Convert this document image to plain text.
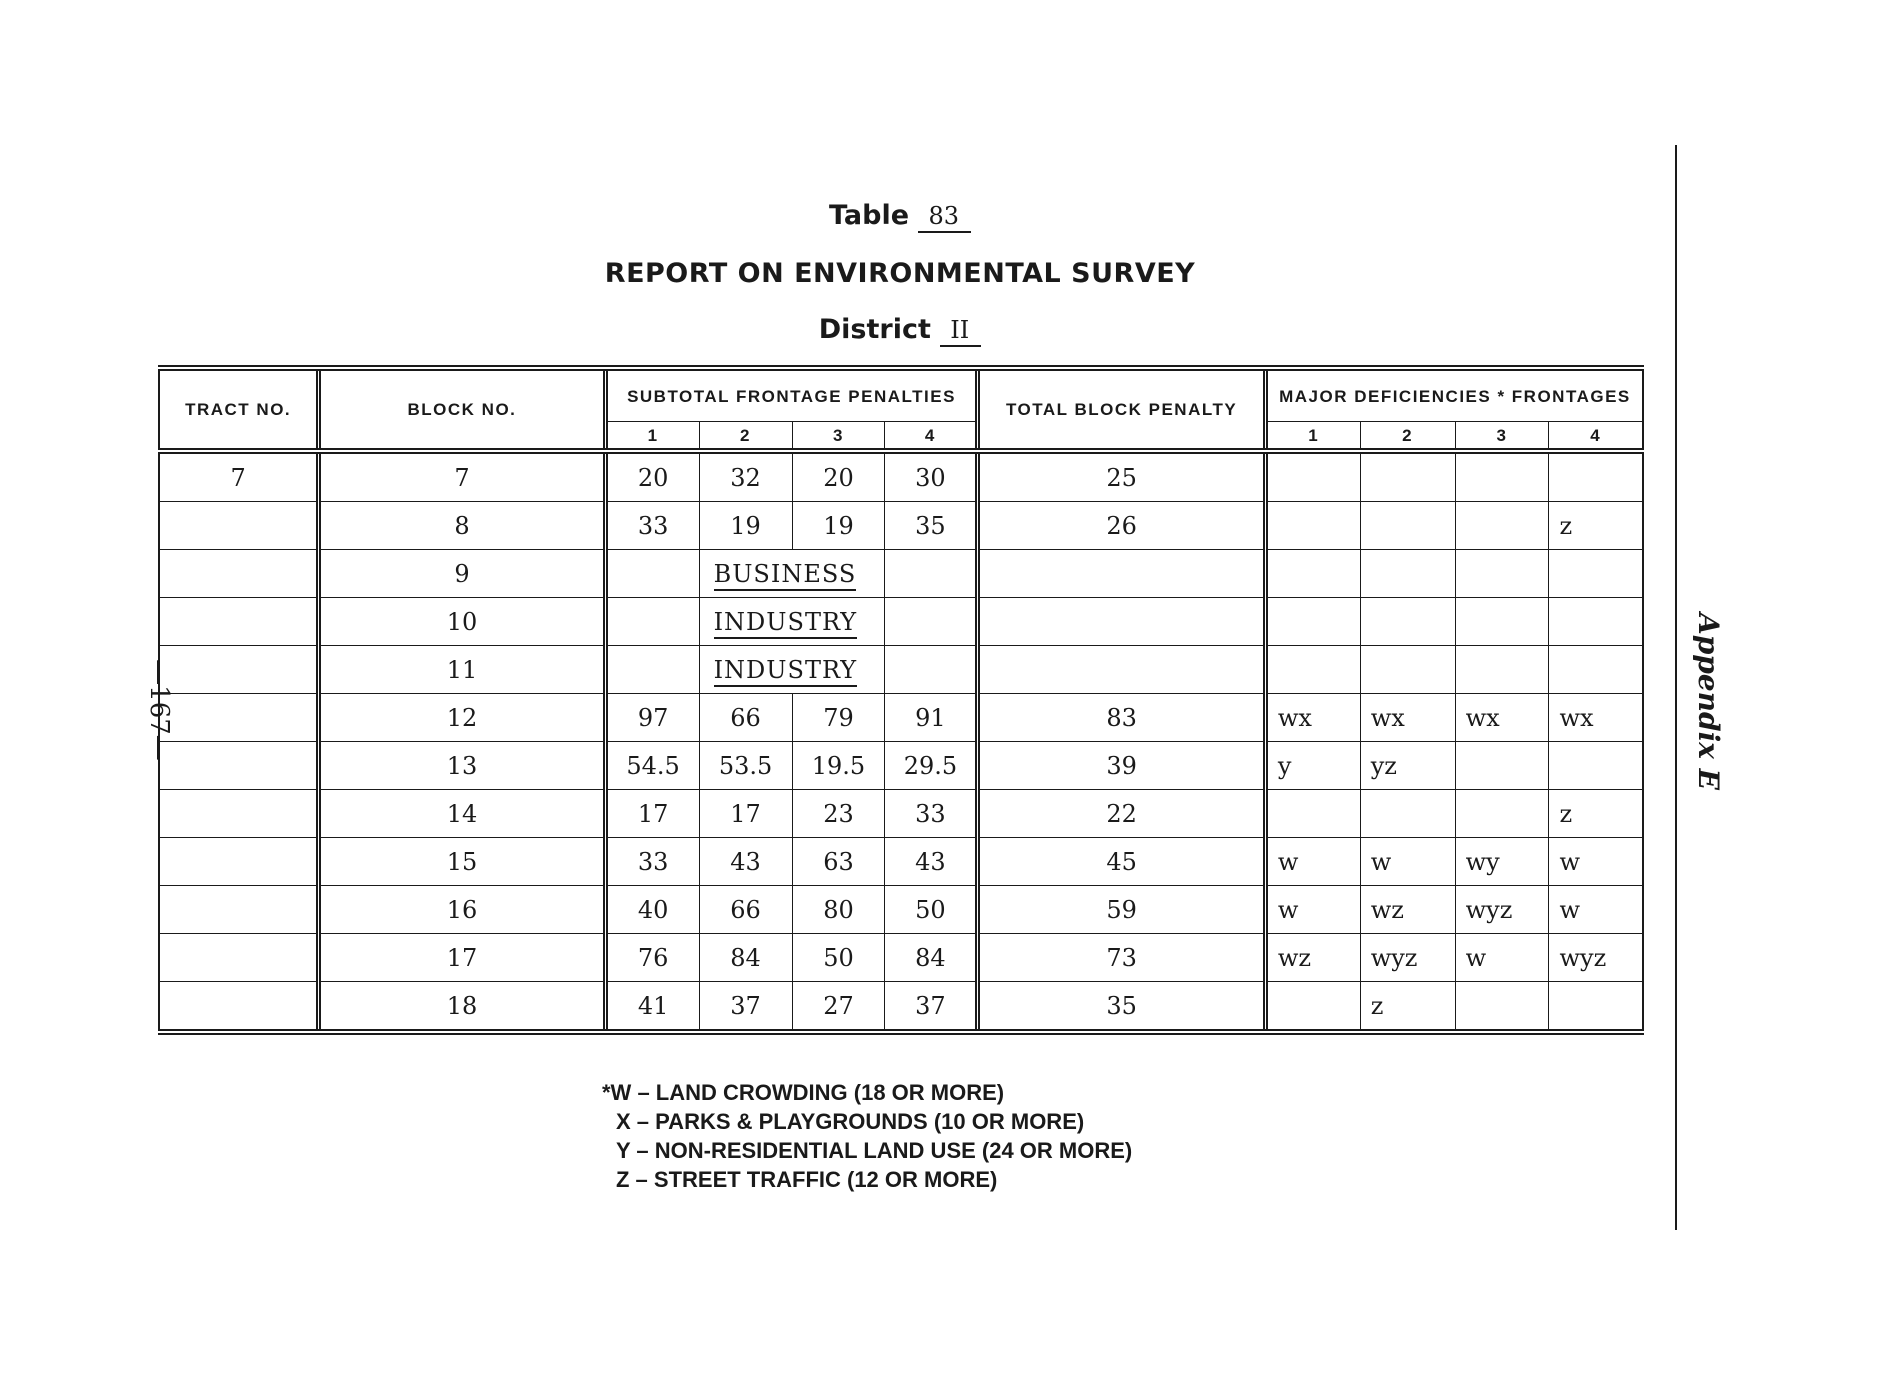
Table 83
REPORT ON ENVIRONMENTAL SURVEY
District II
—167—	Appendix E
TRACT NO.	BLOCK NO.	SUBTOTAL FRONTAGE PENALTIES				TOTAL BLOCK PENALTY	MAJOR DEFICIENCIES * FRONTAGES			
		1	2	3	4		1	2	3	4
7	7	20	32	20	30	25				
	8	33	19	19	35	26				z
	9		BUSINESS							
	10		INDUSTRY							
	11		INDUSTRY							
	12	97	66	79	91	83	wx	wx	wx	wx
	13	54.5	53.5	19.5	29.5	39	y	yz		
	14	17	17	23	33	22				z
	15	33	43	63	43	45	w	w	wy	w
	16	40	66	80	50	59	w	wz	wyz	w
	17	76	84	50	84	73	wz	wyz	w	wyz
	18	41	37	27	37	35		z		
*W – LAND CROWDING (18 OR MORE)
X – PARKS & PLAYGROUNDS (10 OR MORE)
Y – NON-RESIDENTIAL LAND USE (24 OR MORE)
Z – STREET TRAFFIC (12 OR MORE)
